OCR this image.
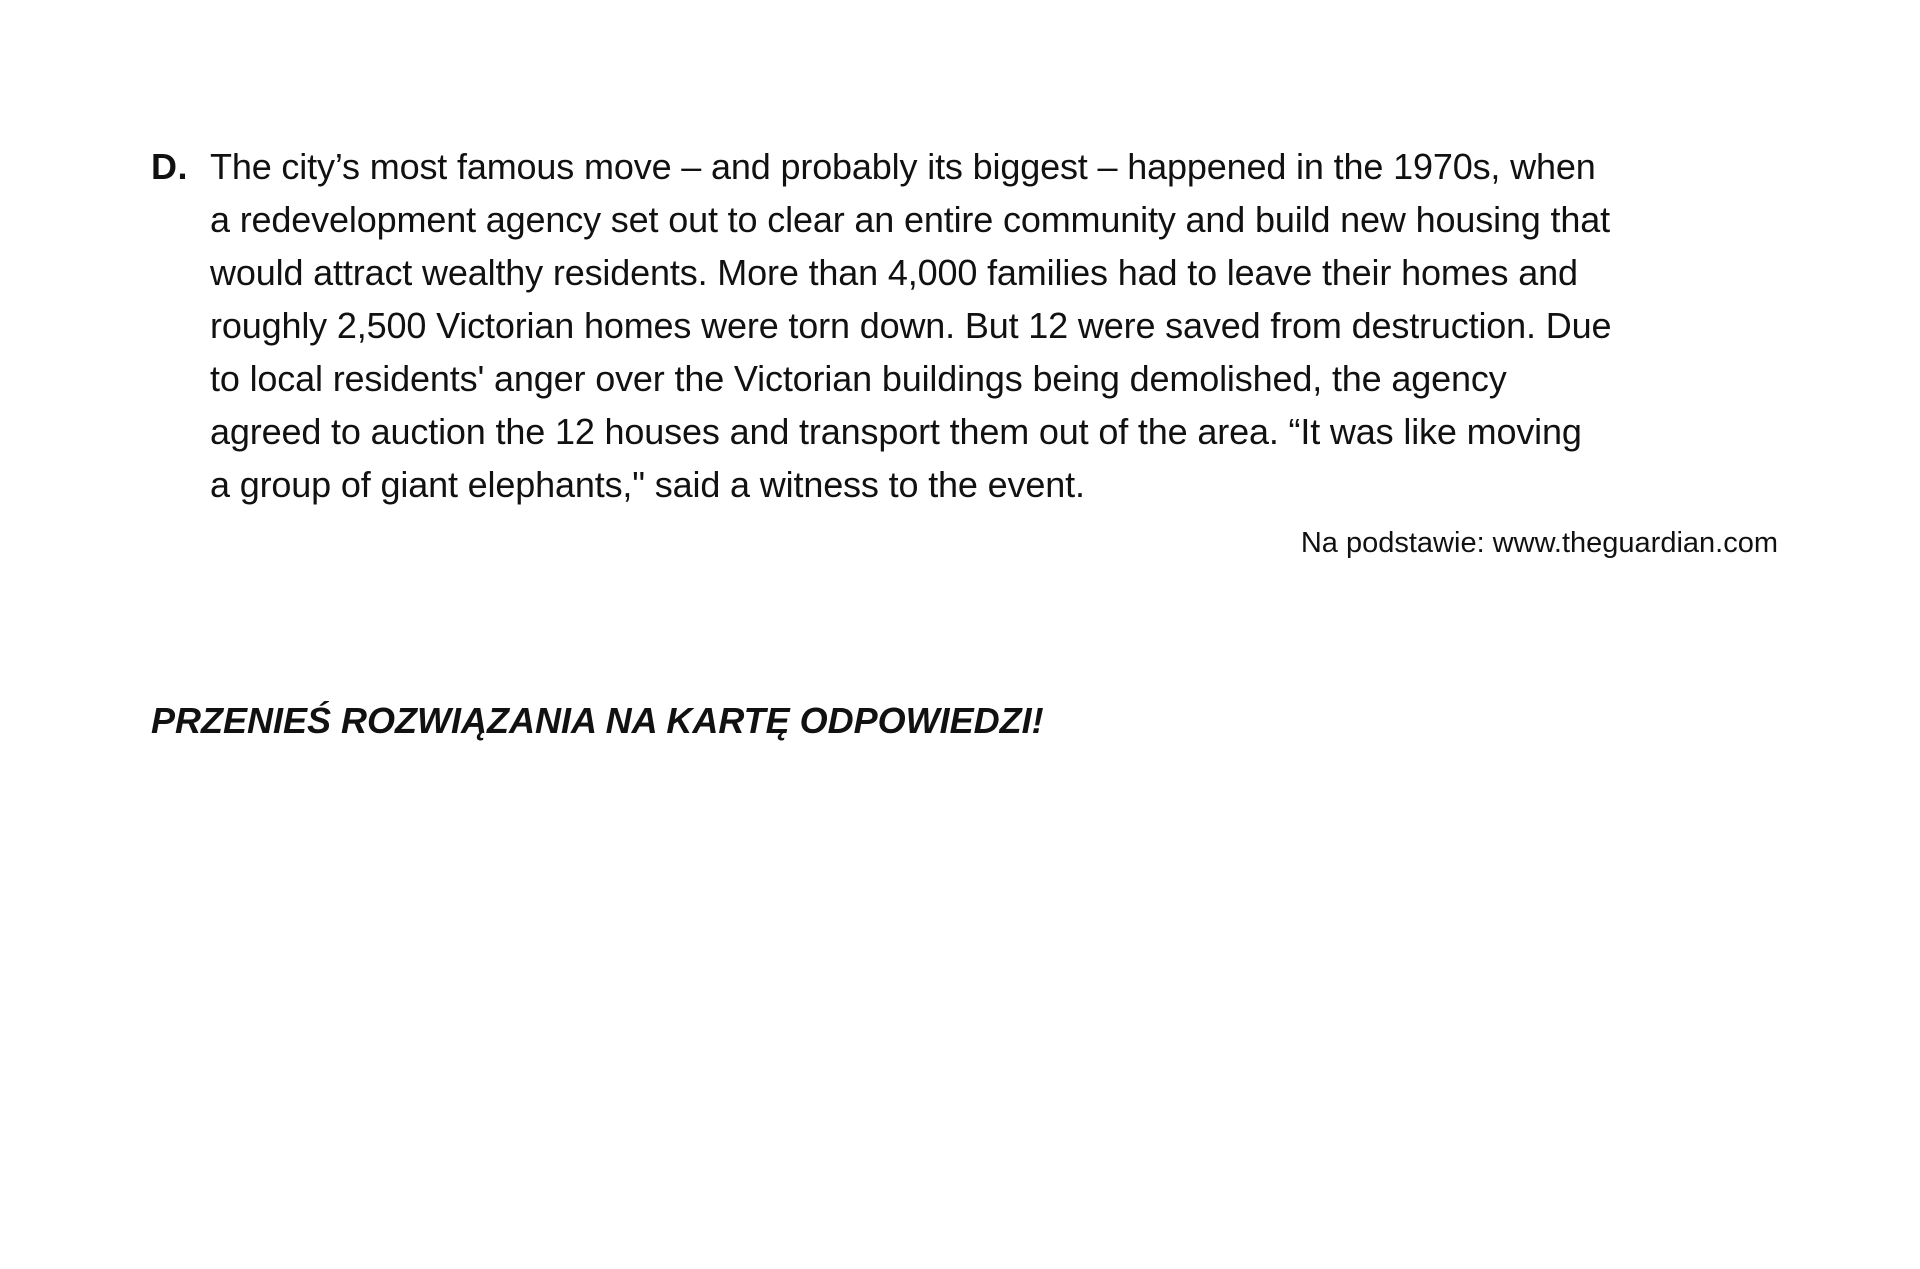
D. The city’s most famous move – and probably its biggest – happened in the 1970s, when
a redevelopment agency set out to clear an entire community and build new housing that
would attract wealthy residents. More than 4,000 families had to leave their homes and
roughly 2,500 Victorian homes were torn down. But 12 were saved from destruction. Due
to local residents' anger over the Victorian buildings being demolished, the agency
agreed to auction the 12 houses and transport them out of the area. “It was like moving
a group of giant elephants," said a witness to the event.
Na podstawie: www.theguardian.com
PRZENIEŚ ROZWIĄZANIA NA KARTĘ ODPOWIEDZI!
